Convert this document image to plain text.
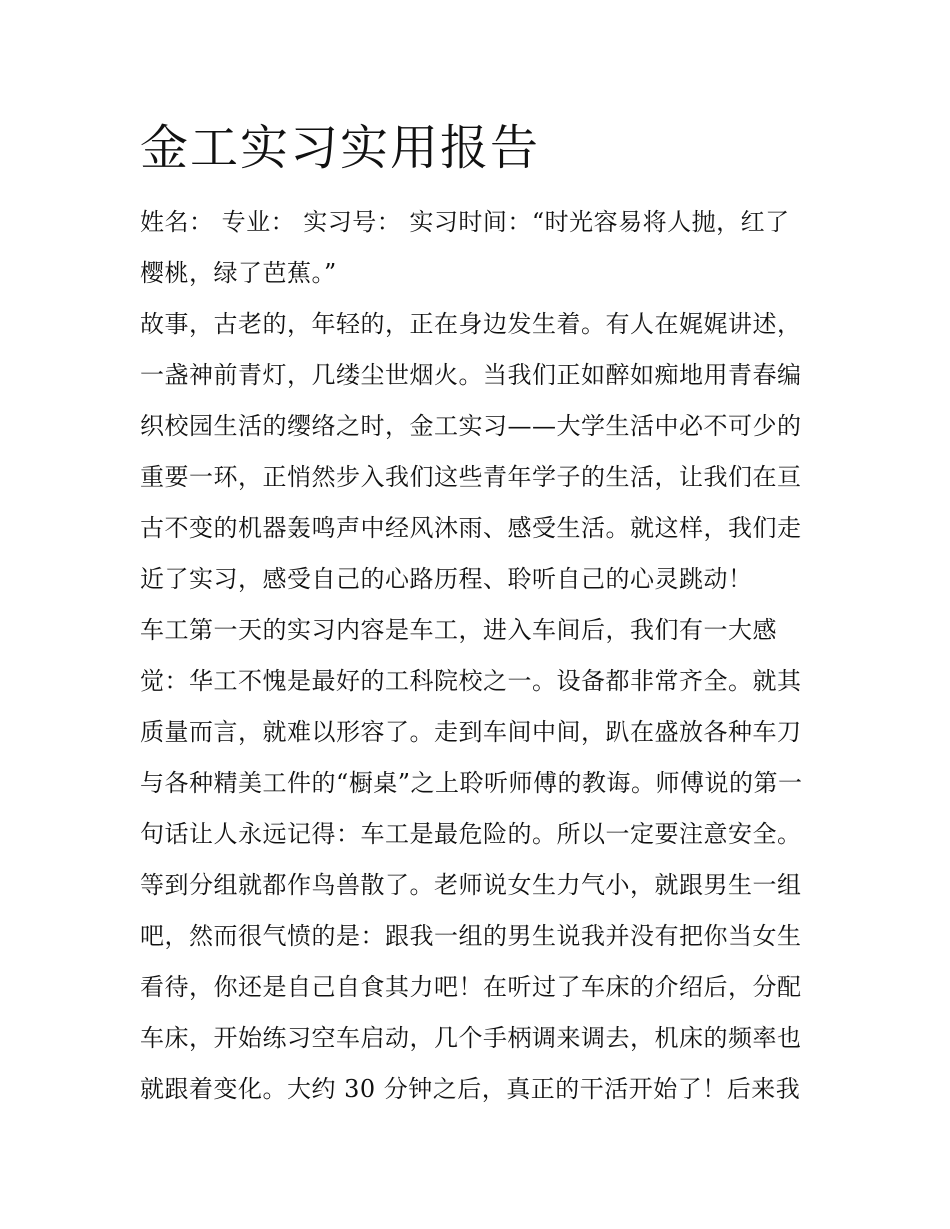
金工实习实用报告
姓名： 专业： 实习号： 实习时间：“时光容易将人抛，红了
樱桃，绿了芭蕉。”
故事，古老的，年轻的，正在身边发生着。有人在娓娓讲述，
一盏神前青灯，几缕尘世烟火。当我们正如醉如痴地用青春编
织校园生活的缨络之时，金工实习——大学生活中必不可少的
重要一环，正悄然步入我们这些青年学子的生活，让我们在亘
古不变的机器轰鸣声中经风沐雨、感受生活。就这样，我们走
近了实习，感受自己的心路历程、聆听自己的心灵跳动！
车工第一天的实习内容是车工，进入车间后，我们有一大感
觉：华工不愧是最好的工科院校之一。设备都非常齐全。就其
质量而言，就难以形容了。走到车间中间，趴在盛放各种车刀
与各种精美工件的“橱桌”之上聆听师傅的教诲。师傅说的第一
句话让人永远记得：车工是最危险的。所以一定要注意安全。
等到分组就都作鸟兽散了。老师说女生力气小，就跟男生一组
吧，然而很气愤的是：跟我一组的男生说我并没有把你当女生
看待，你还是自己自食其力吧！在听过了车床的介绍后，分配
车床，开始练习空车启动，几个手柄调来调去，机床的频率也
就跟着变化。大约 30 分钟之后，真正的干活开始了！后来我
